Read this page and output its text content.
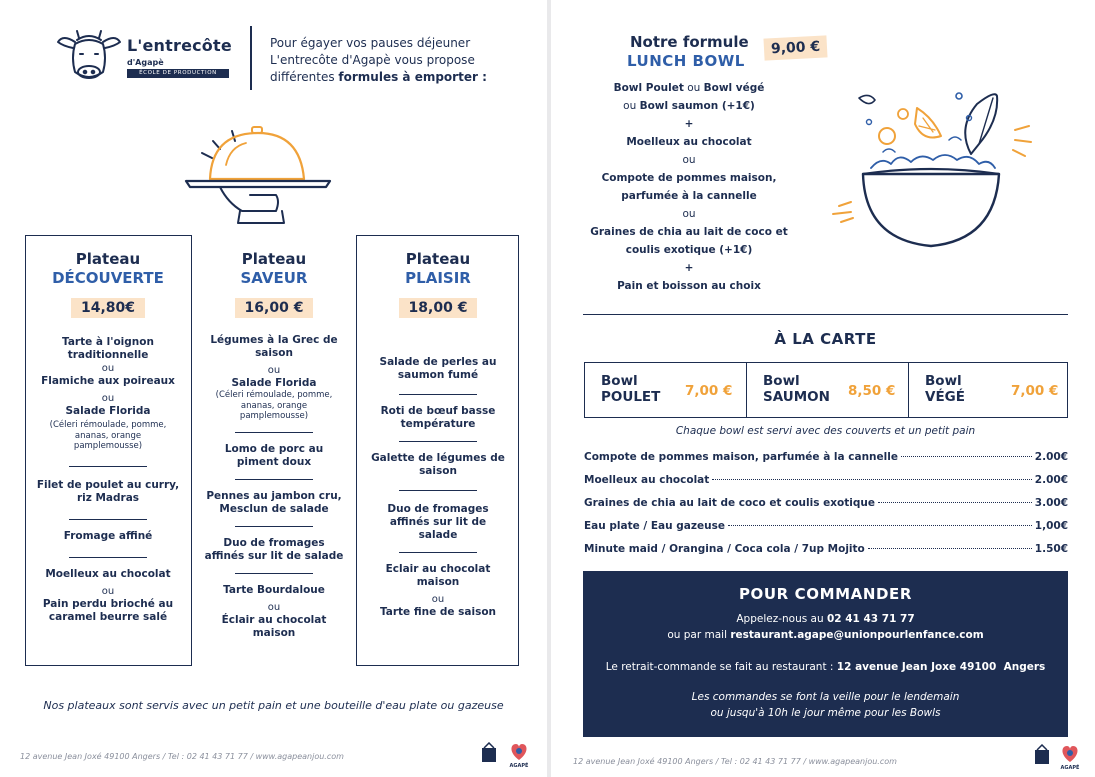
L'entrecôte
d'Agapè
ÉCOLE DE PRODUCTION
Pour égayer vos pauses déjeuner
L'entrecôte d'Agapè vous propose
différentes formules à emporter :
Plateau
DÉCOUVERTE
14,80€
Tarte à l'oignon traditionnelle
ou
Flamiche aux poireaux
ou
Salade Florida
(Céleri rémoulade, pomme, ananas, orange pamplemousse)
Filet de poulet au curry, riz Madras
Fromage affiné
Moelleux au chocolat
ou
Pain perdu brioché au caramel beurre salé
Plateau
SAVEUR
16,00 €
Légumes à la Grec de saison
ou
Salade Florida
(Céleri rémoulade, pomme, ananas, orange pamplemousse)
Lomo de porc au piment doux
Pennes au jambon cru, Mesclun de salade
Duo de fromages affinés sur lit de salade
Tarte Bourdaloue
ou
Éclair au chocolat maison
Plateau
PLAISIR
18,00 €
Salade de perles au saumon fumé
Roti de bœuf basse température
Galette de légumes de saison
Duo de fromages affinés sur lit de salade
Eclair au chocolat maison
ou
Tarte fine de saison
Nos plateaux sont servis avec un petit pain et une bouteille d'eau plate ou gazeuse
12 avenue Jean Joxé 49100 Angers / Tel : 02 41 43 71 77 / www.agapeanjou.com
AGAPÉ
Notre formule
LUNCH BOWL
9,00 €
Bowl Poulet ou Bowl végé
ou Bowl saumon (+1€)
+
Moelleux au chocolat
ou
Compote de pommes maison,
parfumée à la cannelle
ou
Graines de chia au lait de coco et
coulis exotique (+1€)
+
Pain et boisson au choix
À LA CARTE
Bowl
POULET 7,00 €
Bowl
SAUMON 8,50 €
Bowl
VÉGÉ	7,00 €
Chaque bowl est servi avec des couverts et un petit pain
Compote de pommes maison, parfumée à la cannelle	2.00€
Moelleux au chocolat	2.00€
Graines de chia au lait de coco et coulis exotique	3.00€
Eau plate / Eau gazeuse	1,00€
Minute maid / Orangina / Coca cola / 7up Mojito	1.50€
POUR COMMANDER
Appelez-nous au 02 41 43 71 77
ou par mail restaurant.agape@unionpourlenfance.com
Le retrait-commande se fait au restaurant : 12 avenue Jean Joxe 49100  Angers
Les commandes se font la veille pour le lendemain
ou jusqu'à 10h le jour même pour les Bowls
12 avenue Jean Joxé 49100 Angers / Tel : 02 41 43 71 77 / www.agapeanjou.com
AGAPÉ
